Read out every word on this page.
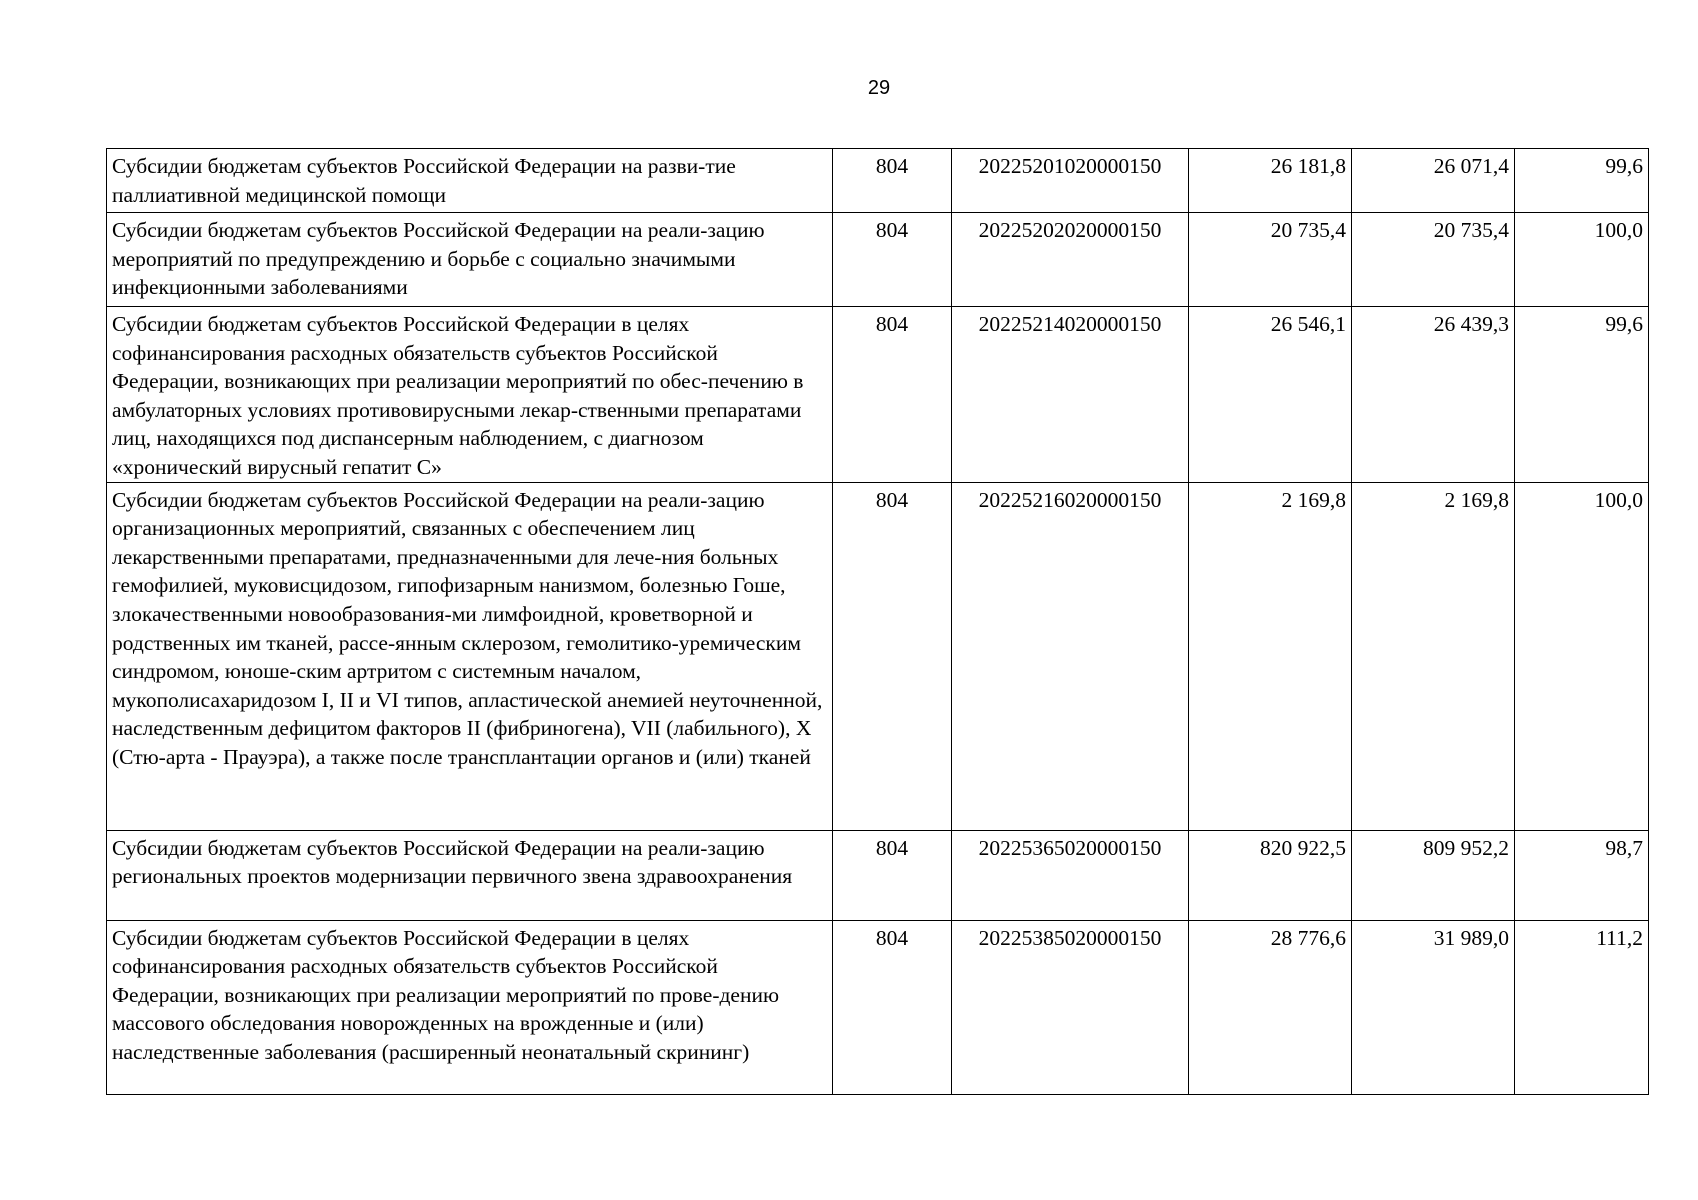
29
Субсидии бюджетам субъектов Российской Федерации на разви-тие паллиативной медицинской помощи	804	20225201020000150	26 181,8	26 071,4	99,6
Субсидии бюджетам субъектов Российской Федерации на реали-зацию мероприятий по предупреждению и борьбе с социально значимыми инфекционными заболеваниями	804	20225202020000150	20 735,4	20 735,4	100,0
Субсидии бюджетам субъектов Российской Федерации в целях софинансирования расходных обязательств субъектов Российской Федерации, возникающих при реализации мероприятий по обес-печению в амбулаторных условиях противовирусными лекар-ственными препаратами лиц, находящихся под диспансерным наблюдением, с диагнозом «хронический вирусный гепатит С»	804	20225214020000150	26 546,1	26 439,3	99,6
Субсидии бюджетам субъектов Российской Федерации на реали-зацию организационных мероприятий, связанных с обеспечением лиц лекарственными препаратами, предназначенными для лече-ния больных гемофилией, муковисцидозом, гипофизарным нанизмом, болезнью Гоше, злокачественными новообразования-ми лимфоидной, кроветворной и родственных им тканей, рассе-янным склерозом, гемолитико-уремическим синдромом, юноше-ским артритом с системным началом, мукополисахаридозом I, II и VI типов, апластической анемией неуточненной, наследственным дефицитом факторов II (фибриногена), VII (лабильного), X (Стю-арта - Прауэра), а также после трансплантации органов и (или) тканей	804	20225216020000150	2 169,8	2 169,8	100,0
Субсидии бюджетам субъектов Российской Федерации на реали-зацию региональных проектов модернизации первичного звена здравоохранения	804	20225365020000150	820 922,5	809 952,2	98,7
Субсидии бюджетам субъектов Российской Федерации в целях софинансирования расходных обязательств субъектов Российской Федерации, возникающих при реализации мероприятий по прове-дению массового обследования новорожденных на врожденные и (или) наследственные заболевания (расширенный неонатальный скрининг)	804	20225385020000150	28 776,6	31 989,0	111,2
